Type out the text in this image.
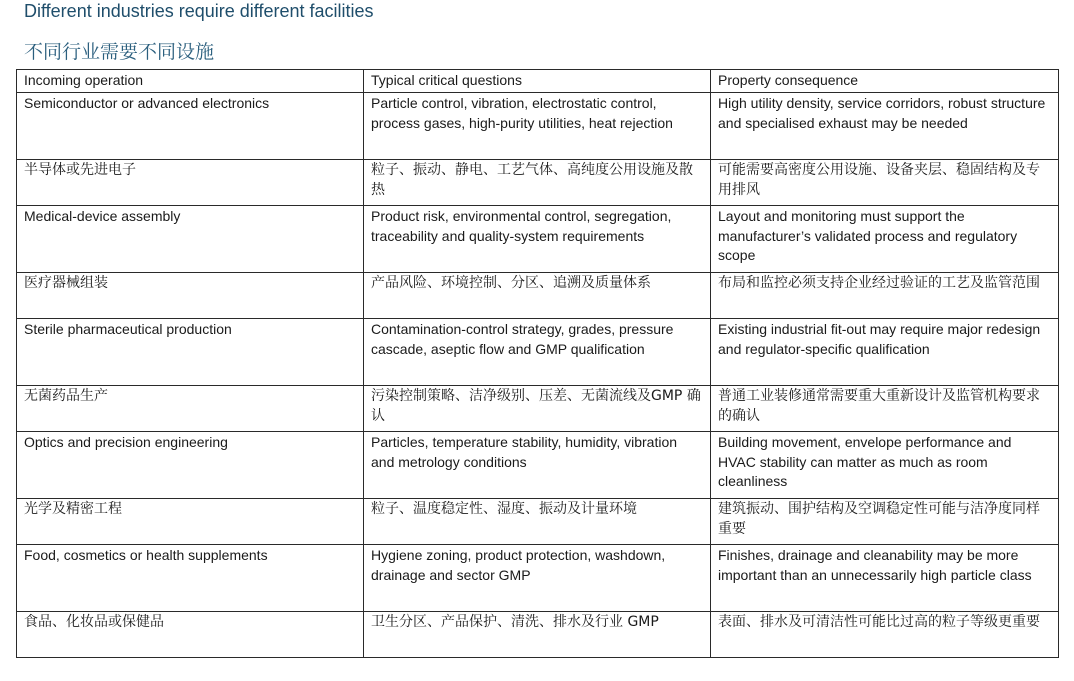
Different industries require different facilities
不同行业需要不同设施
Incoming operation	Typical critical questions	Property consequence
Semiconductor or advanced electronics	Particle control, vibration, electrostatic control, process gases, high-purity utilities, heat rejection	High utility density, service corridors, robust structure and specialised exhaust may be needed
半导体或先进电子	粒子、振动、静电、工艺气体、高纯度公用设施及散热	可能需要高密度公用设施、设备夹层、稳固结构及专用排风
Medical-device assembly	Product risk, environmental control, segregation, traceability and quality-system requirements	Layout and monitoring must support the manufacturer’s validated process and regulatory scope
医疗器械组装	产品风险、环境控制、分区、追溯及质量体系	布局和监控必须支持企业经过验证的工艺及监管范围
Sterile pharmaceutical production	Contamination-control strategy, grades, pressure cascade, aseptic flow and GMP qualification	Existing industrial fit-out may require major redesign and regulator-specific qualification
无菌药品生产	污染控制策略、洁净级别、压差、无菌流线及GMP 确认	普通工业装修通常需要重大重新设计及监管机构要求的确认
Optics and precision engineering	Particles, temperature stability, humidity, vibration and metrology conditions	Building movement, envelope performance and HVAC stability can matter as much as room cleanliness
光学及精密工程	粒子、温度稳定性、湿度、振动及计量环境	建筑振动、围护结构及空调稳定性可能与洁净度同样重要
Food, cosmetics or health supplements	Hygiene zoning, product protection, washdown, drainage and sector GMP	Finishes, drainage and cleanability may be more important than an unnecessarily high particle class
食品、化妆品或保健品	卫生分区、产品保护、清洗、排水及行业 GMP	表面、排水及可清洁性可能比过高的粒子等级更重要
